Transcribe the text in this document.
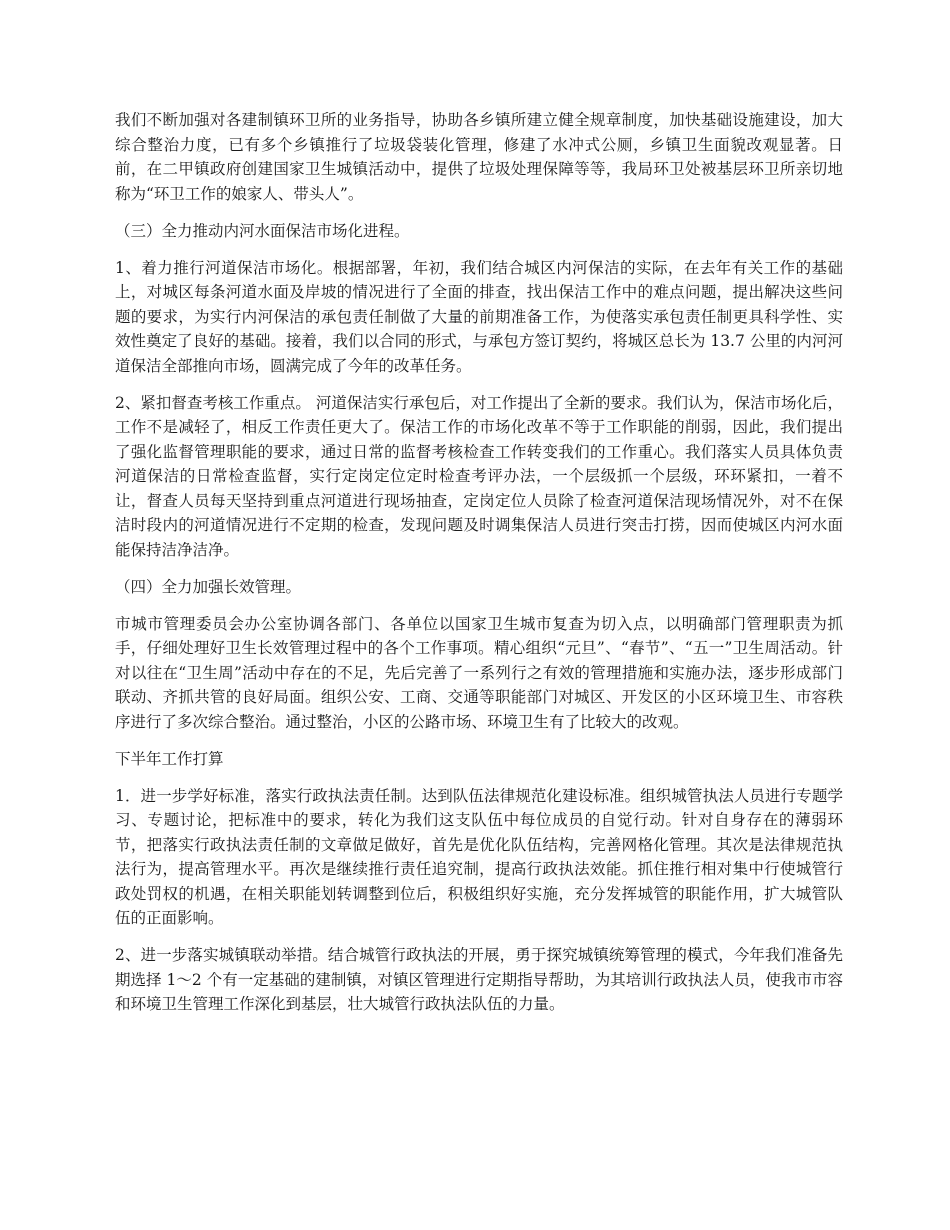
我们不断加强对各建制镇环卫所的业务指导，协助各乡镇所建立健全规章制度，加快基础设施建设，加大综合整治力度，已有多个乡镇推行了垃圾袋装化管理，修建了水冲式公厕，乡镇卫生面貌改观显著。日前，在二甲镇政府创建国家卫生城镇活动中，提供了垃圾处理保障等等，我局环卫处被基层环卫所亲切地称为“环卫工作的娘家人、带头人”。

（三）全力推动内河水面保洁市场化进程。

1、着力推行河道保洁市场化。根据部署，年初，我们结合城区内河保洁的实际，在去年有关工作的基础上，对城区每条河道水面及岸坡的情况进行了全面的排查，找出保洁工作中的难点问题，提出解决这些问题的要求，为实行内河保洁的承包责任制做了大量的前期准备工作，为使落实承包责任制更具科学性、实效性奠定了良好的基础。接着，我们以合同的形式，与承包方签订契约，将城区总长为 13.7 公里的内河河道保洁全部推向市场，圆满完成了今年的改革任务。

2、紧扣督查考核工作重点。 河道保洁实行承包后，对工作提出了全新的要求。我们认为，保洁市场化后，工作不是减轻了，相反工作责任更大了。保洁工作的市场化改革不等于工作职能的削弱，因此，我们提出了强化监督管理职能的要求，通过日常的监督考核检查工作转变我们的工作重心。我们落实人员具体负责河道保洁的日常检查监督，实行定岗定位定时检查考评办法，一个层级抓一个层级，环环紧扣，一着不让，督查人员每天坚持到重点河道进行现场抽查，定岗定位人员除了检查河道保洁现场情况外，对不在保洁时段内的河道情况进行不定期的检查，发现问题及时调集保洁人员进行突击打捞，因而使城区内河水面能保持洁净洁净。

（四）全力加强长效管理。

市城市管理委员会办公室协调各部门、各单位以国家卫生城市复查为切入点，以明确部门管理职责为抓手，仔细处理好卫生长效管理过程中的各个工作事项。精心组织“元旦”、“春节”、“五一”卫生周活动。针对以往在“卫生周”活动中存在的不足，先后完善了一系列行之有效的管理措施和实施办法，逐步形成部门联动、齐抓共管的良好局面。组织公安、工商、交通等职能部门对城区、开发区的小区环境卫生、市容秩序进行了多次综合整治。通过整治，小区的公路市场、环境卫生有了比较大的改观。

下半年工作打算

1．进一步学好标准，落实行政执法责任制。达到队伍法律规范化建设标准。组织城管执法人员进行专题学习、专题讨论，把标准中的要求，转化为我们这支队伍中每位成员的自觉行动。针对自身存在的薄弱环节，把落实行政执法责任制的文章做足做好，首先是优化队伍结构，完善网格化管理。其次是法律规范执法行为，提高管理水平。再次是继续推行责任追究制，提高行政执法效能。抓住推行相对集中行使城管行政处罚权的机遇，在相关职能划转调整到位后，积极组织好实施，充分发挥城管的职能作用，扩大城管队伍的正面影响。

2、进一步落实城镇联动举措。结合城管行政执法的开展，勇于探究城镇统筹管理的模式，今年我们准备先期选择 1～2 个有一定基础的建制镇，对镇区管理进行定期指导帮助，为其培训行政执法人员，使我市市容和环境卫生管理工作深化到基层，壮大城管行政执法队伍的力量。
